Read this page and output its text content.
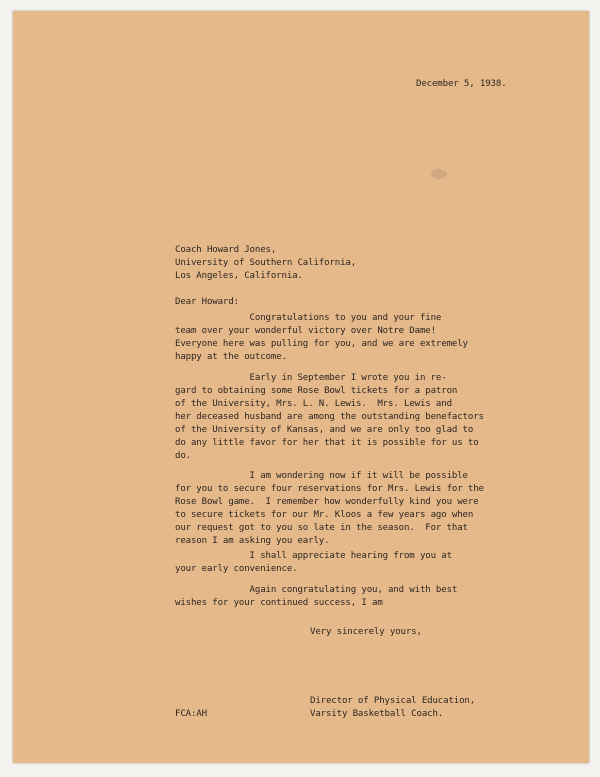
December 5, 1938.
Coach Howard Jones,
University of Southern California,
Los Angeles, California.
Dear Howard:
Congratulations to you and your fine
team over your wonderful victory over Notre Dame!
Everyone here was pulling for you, and we are extremely
happy at the outcome.
Early in September I wrote you in re-
gard to obtaining some Rose Bowl tickets for a patron
of the University, Mrs. L. N. Lewis.  Mrs. Lewis and
her deceased husband are among the outstanding benefactors
of the University of Kansas, and we are only too glad to
do any little favor for her that it is possible for us to
do.
I am wondering now if it will be possible
for you to secure four reservations for Mrs. Lewis for the
Rose Bowl game.  I remember how wonderfully kind you were
to secure tickets for our Mr. Kloos a few years ago when
our request got to you so late in the season.  For that
reason I am asking you early.
I shall appreciate hearing from you at
your early convenience.
Again congratulating you, and with best
wishes for your continued success, I am
Very sincerely yours,
Director of Physical Education,
Varsity Basketball Coach.
FCA:AH
